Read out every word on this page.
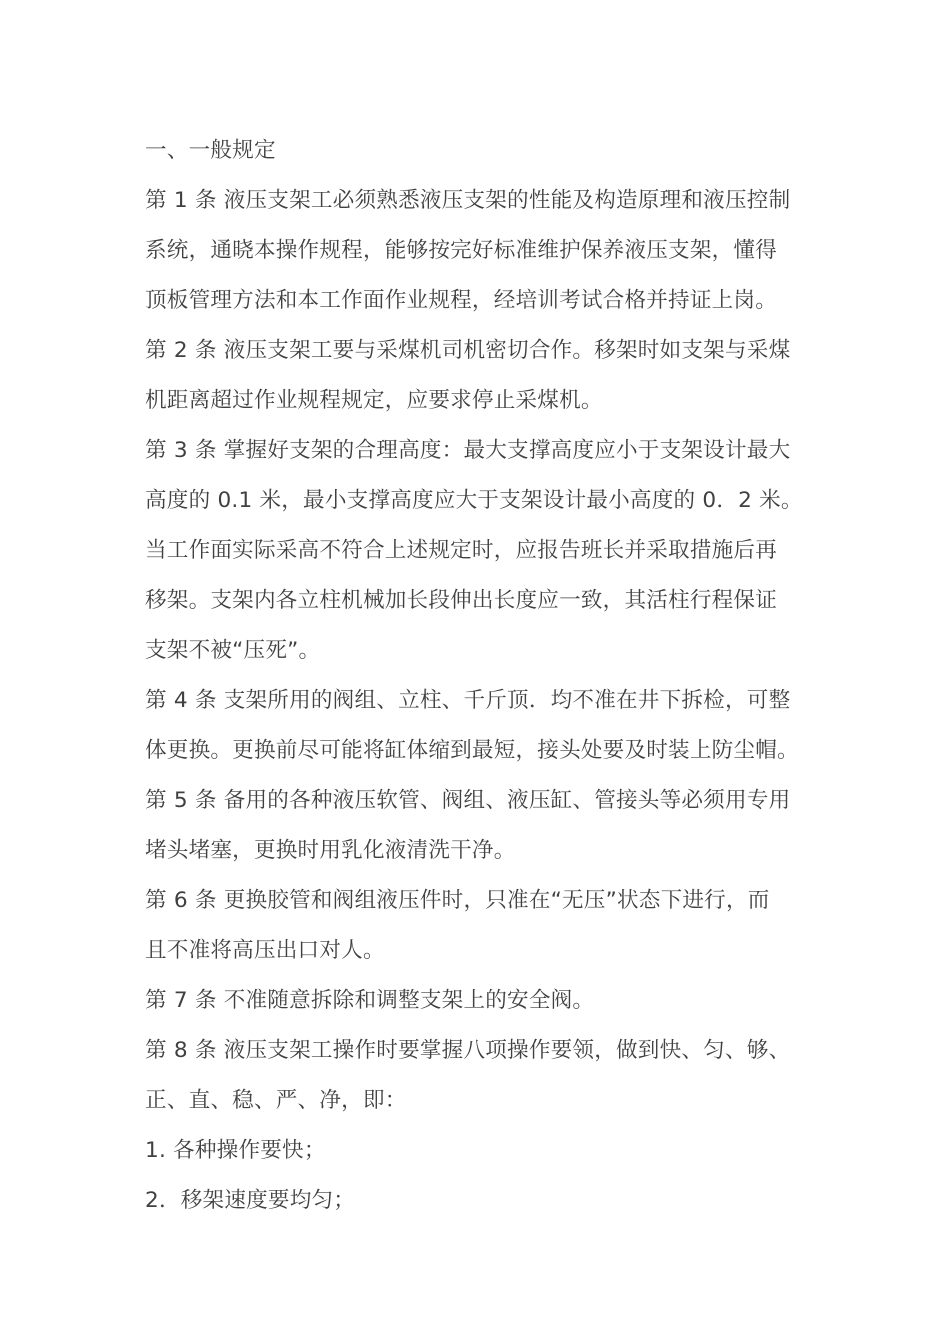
一、一般规定
第 1 条 液压支架工必须熟悉液压支架的性能及构造原理和液压控制
系统，通晓本操作规程，能够按完好标准维护保养液压支架，懂得
顶板管理方法和本工作面作业规程，经培训考试合格并持证上岗。
第 2 条 液压支架工要与采煤机司机密切合作。移架时如支架与采煤
机距离超过作业规程规定，应要求停止采煤机。
第 3 条 掌握好支架的合理高度：最大支撑高度应小于支架设计最大
高度的 0.1 米，最小支撑高度应大于支架设计最小高度的 0．2 米。
当工作面实际采高不符合上述规定时，应报告班长并采取措施后再
移架。支架内各立柱机械加长段伸出长度应一致，其活柱行程保证
支架不被“压死”。
第 4 条 支架所用的阀组、立柱、千斤顶．均不准在井下拆检，可整
体更换。更换前尽可能将缸体缩到最短，接头处要及时装上防尘帽。
第 5 条 备用的各种液压软管、阀组、液压缸、管接头等必须用专用
堵头堵塞，更换时用乳化液清洗干净。
第 6 条 更换胶管和阀组液压件时，只准在“无压”状态下进行，而
且不准将高压出口对人。
第 7 条 不准随意拆除和调整支架上的安全阀。
第 8 条 液压支架工操作时要掌握八项操作要领，做到快、匀、够、
正、直、稳、严、净，即：
1. 各种操作要快；
2．移架速度要均匀；
